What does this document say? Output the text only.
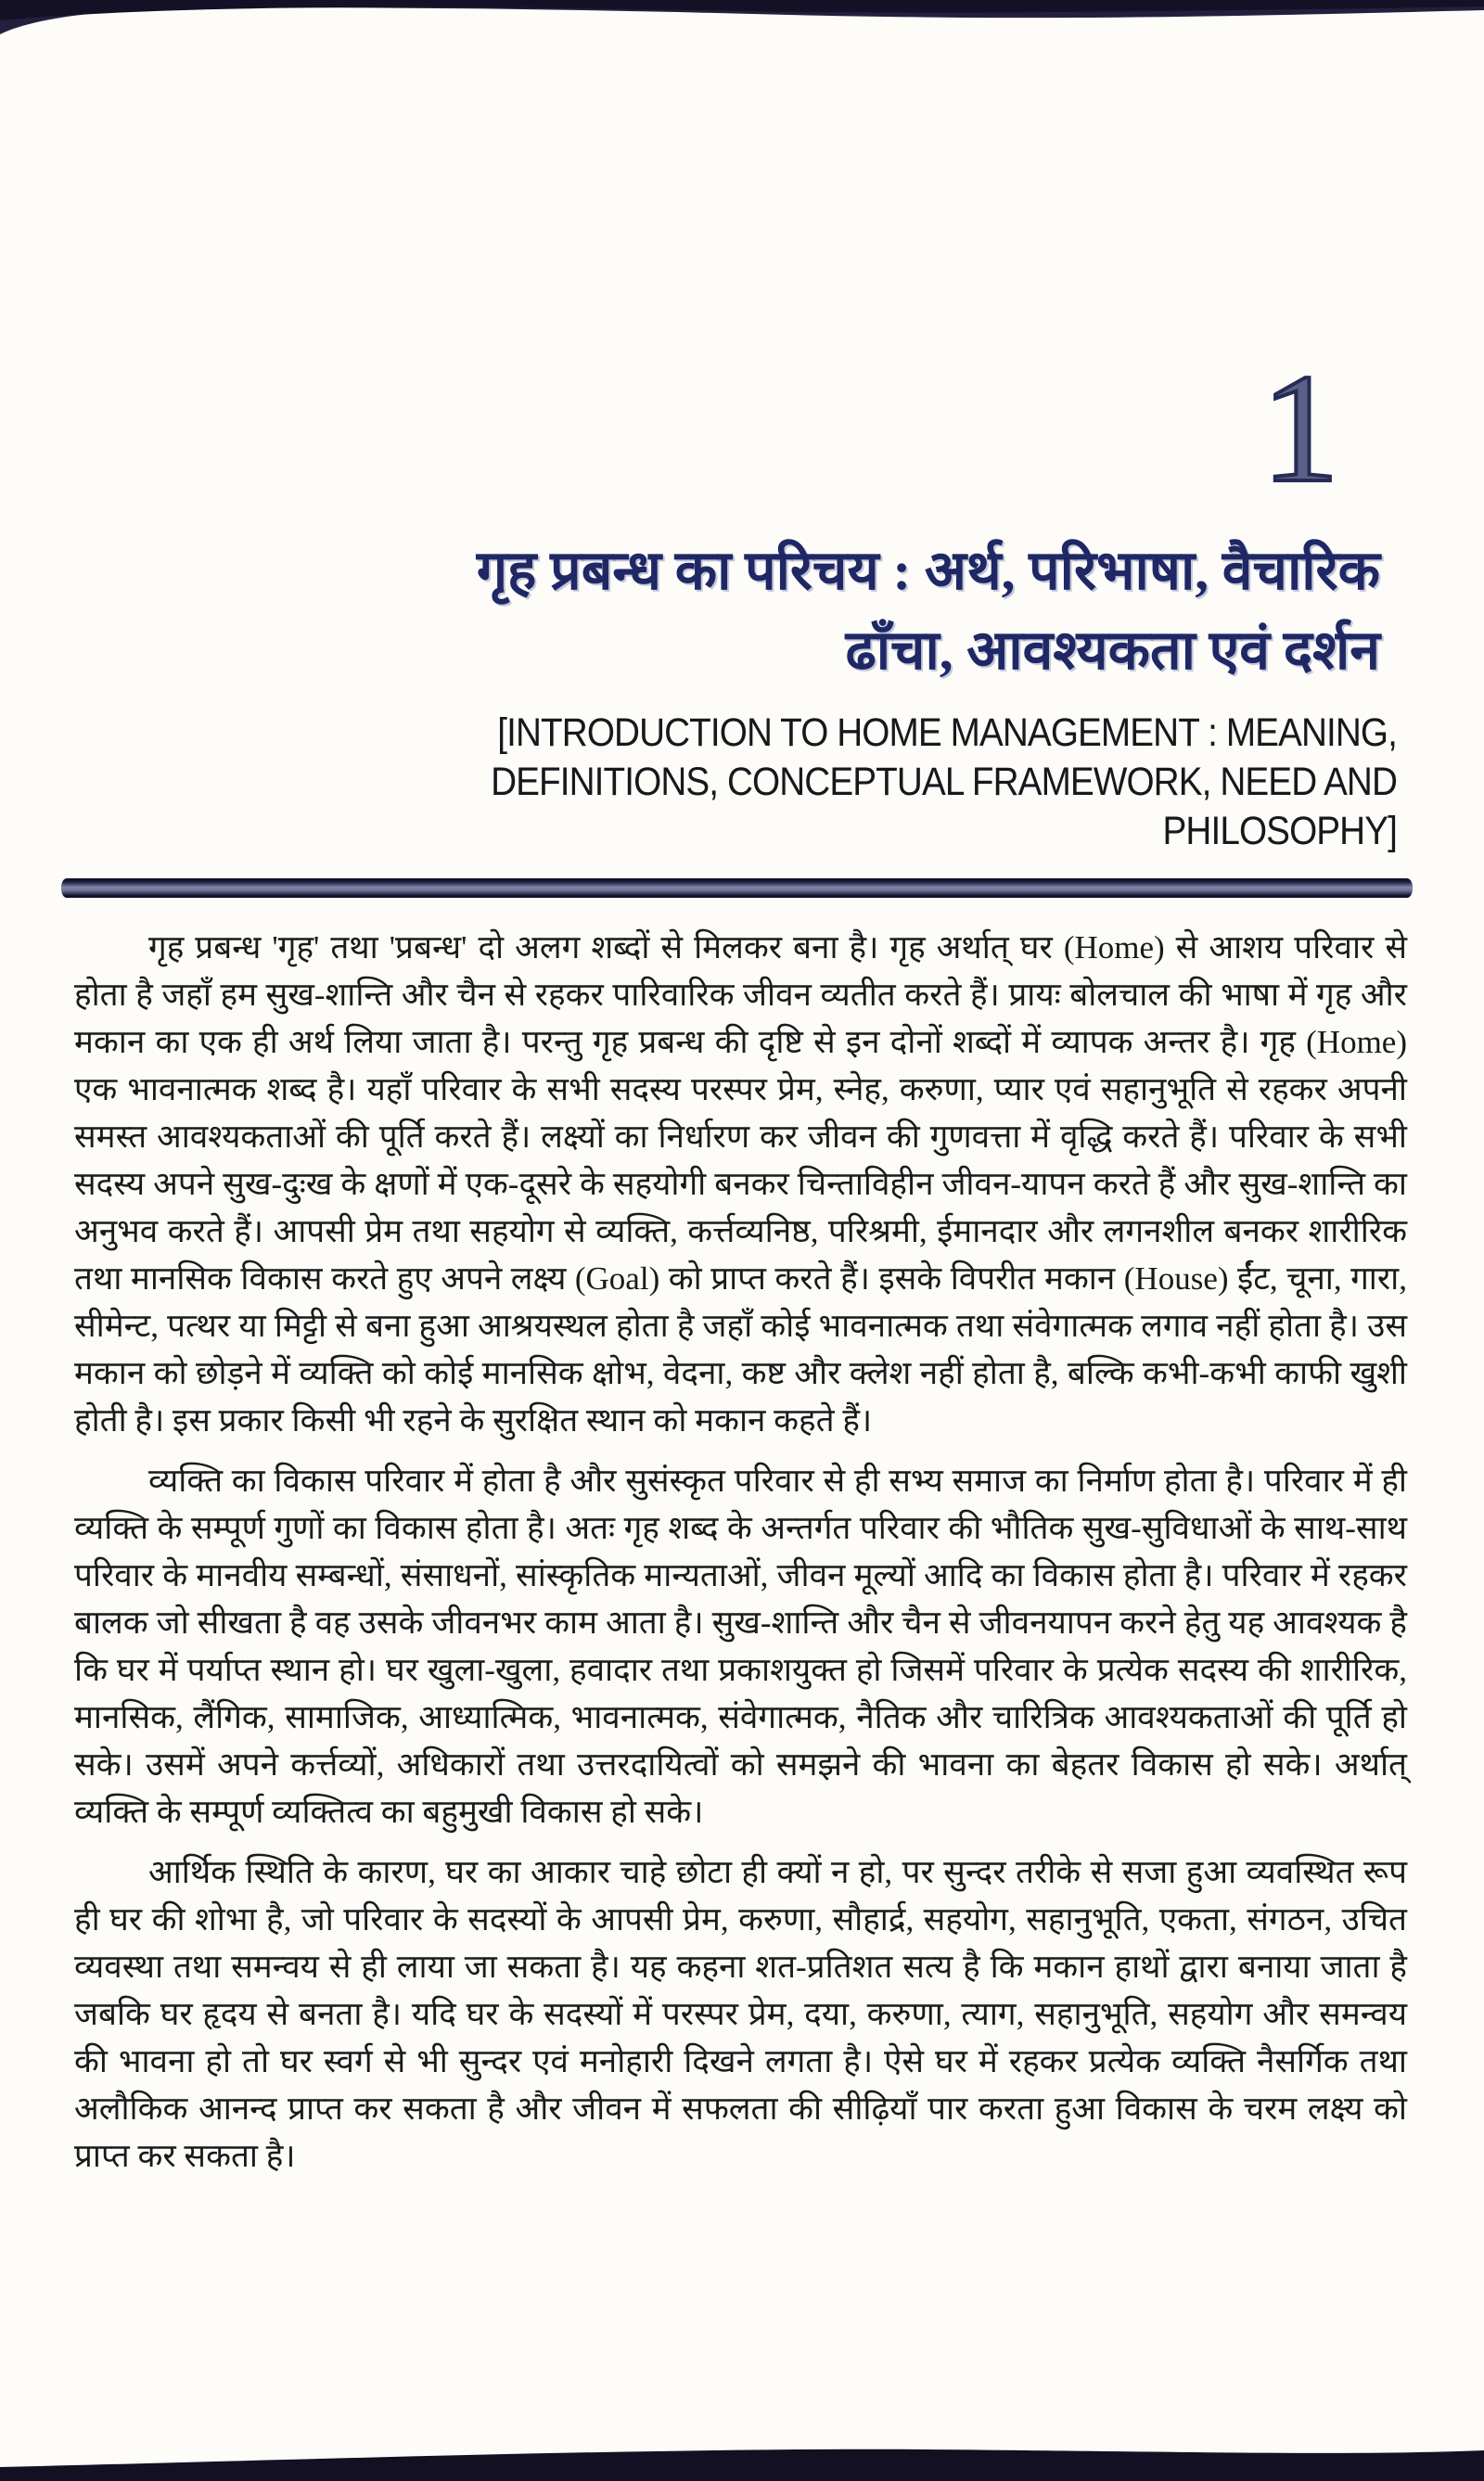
1
गृह प्रबन्ध का परिचय : अर्थ, परिभाषा, वैचारिक
ढाँचा, आवश्यकता एवं दर्शन
[INTRODUCTION TO HOME MANAGEMENT : MEANING,
DEFINITIONS, CONCEPTUAL FRAMEWORK, NEED AND
PHILOSOPHY]

गृह प्रबन्ध 'गृह' तथा 'प्रबन्ध' दो अलग शब्दों से मिलकर बना है। गृह अर्थात् घर (Home) से आशय परिवार से होता है जहाँ हम सुख-शान्ति और चैन से रहकर पारिवारिक जीवन व्यतीत करते हैं। प्रायः बोलचाल की भाषा में गृह और मकान का एक ही अर्थ लिया जाता है। परन्तु गृह प्रबन्ध की दृष्टि से इन दोनों शब्दों में व्यापक अन्तर है। गृह (Home) एक भावनात्मक शब्द है। यहाँ परिवार के सभी सदस्य परस्पर प्रेम, स्नेह, करुणा, प्यार एवं सहानुभूति से रहकर अपनी समस्त आवश्यकताओं की पूर्ति करते हैं। लक्ष्यों का निर्धारण कर जीवन की गुणवत्ता में वृद्धि करते हैं। परिवार के सभी सदस्य अपने सुख-दुःख के क्षणों में एक-दूसरे के सहयोगी बनकर चिन्ताविहीन जीवन-यापन करते हैं और सुख-शान्ति का अनुभव करते हैं। आपसी प्रेम तथा सहयोग से व्यक्ति, कर्त्तव्यनिष्ठ, परिश्रमी, ईमानदार और लगनशील बनकर शारीरिक तथा मानसिक विकास करते हुए अपने लक्ष्य (Goal) को प्राप्त करते हैं। इसके विपरीत मकान (House) ईंट, चूना, गारा, सीमेन्ट, पत्थर या मिट्टी से बना हुआ आश्रयस्थल होता है जहाँ कोई भावनात्मक तथा संवेगात्मक लगाव नहीं होता है। उस मकान को छोड़ने में व्यक्ति को कोई मानसिक क्षोभ, वेदना, कष्ट और क्लेश नहीं होता है, बल्कि कभी-कभी काफी खुशी होती है। इस प्रकार किसी भी रहने के सुरक्षित स्थान को मकान कहते हैं।

व्यक्ति का विकास परिवार में होता है और सुसंस्कृत परिवार से ही सभ्य समाज का निर्माण होता है। परिवार में ही व्यक्ति के सम्पूर्ण गुणों का विकास होता है। अतः गृह शब्द के अन्तर्गत परिवार की भौतिक सुख-सुविधाओं के साथ-साथ परिवार के मानवीय सम्बन्धों, संसाधनों, सांस्कृतिक मान्यताओं, जीवन मूल्यों आदि का विकास होता है। परिवार में रहकर बालक जो सीखता है वह उसके जीवनभर काम आता है। सुख-शान्ति और चैन से जीवनयापन करने हेतु यह आवश्यक है कि घर में पर्याप्त स्थान हो। घर खुला-खुला, हवादार तथा प्रकाशयुक्त हो जिसमें परिवार के प्रत्येक सदस्य की शारीरिक, मानसिक, लैंगिक, सामाजिक, आध्यात्मिक, भावनात्मक, संवेगात्मक, नैतिक और चारित्रिक आवश्यकताओं की पूर्ति हो सके। उसमें अपने कर्त्तव्यों, अधिकारों तथा उत्तरदायित्वों को समझने की भावना का बेहतर विकास हो सके। अर्थात् व्यक्ति के सम्पूर्ण व्यक्तित्व का बहुमुखी विकास हो सके।

आर्थिक स्थिति के कारण, घर का आकार चाहे छोटा ही क्यों न हो, पर सुन्दर तरीके से सजा हुआ व्यवस्थित रूप ही घर की शोभा है, जो परिवार के सदस्यों के आपसी प्रेम, करुणा, सौहार्द्र, सहयोग, सहानुभूति, एकता, संगठन, उचित व्यवस्था तथा समन्वय से ही लाया जा सकता है। यह कहना शत-प्रतिशत सत्य है कि मकान हाथों द्वारा बनाया जाता है जबकि घर हृदय से बनता है। यदि घर के सदस्यों में परस्पर प्रेम, दया, करुणा, त्याग, सहानुभूति, सहयोग और समन्वय की भावना हो तो घर स्वर्ग से भी सुन्दर एवं मनोहारी दिखने लगता है। ऐसे घर में रहकर प्रत्येक व्यक्ति नैसर्गिक तथा अलौकिक आनन्द प्राप्त कर सकता है और जीवन में सफलता की सीढ़ियाँ पार करता हुआ विकास के चरम लक्ष्य को प्राप्त कर सकता है।
